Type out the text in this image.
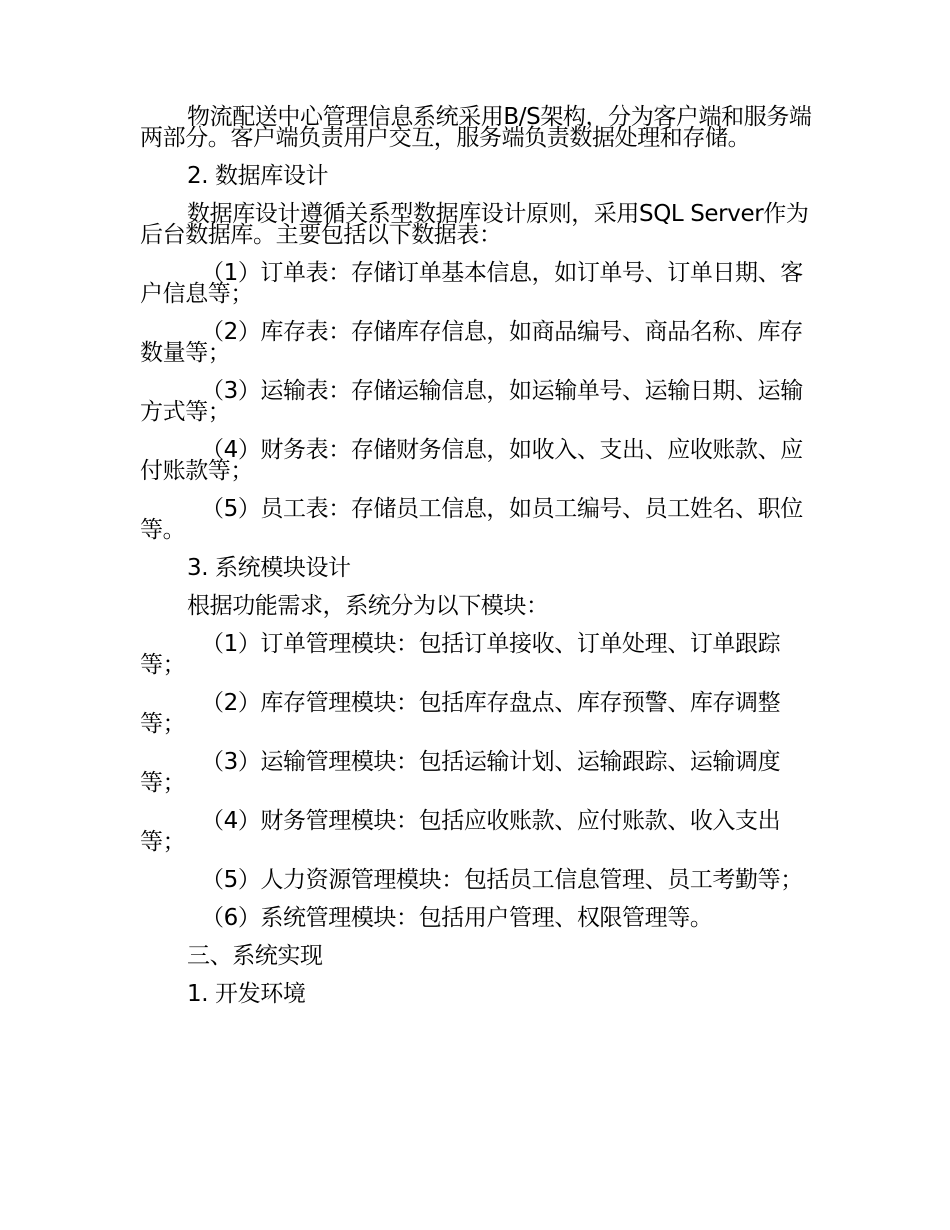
物流配送中心管理信息系统采用B/S架构，分为客户端和服务端两部分。客户端负责用户交互，服务端负责数据处理和存储。

2. 数据库设计

数据库设计遵循关系型数据库设计原则，采用SQL Server作为后台数据库。主要包括以下数据表：

（1）订单表：存储订单基本信息，如订单号、订单日期、客户信息等；

（2）库存表：存储库存信息，如商品编号、商品名称、库存数量等；

（3）运输表：存储运输信息，如运输单号、运输日期、运输方式等；

（4）财务表：存储财务信息，如收入、支出、应收账款、应付账款等；

（5）员工表：存储员工信息，如员工编号、员工姓名、职位等。

3. 系统模块设计

根据功能需求，系统分为以下模块：

（1）订单管理模块：包括订单接收、订单处理、订单跟踪等；

（2）库存管理模块：包括库存盘点、库存预警、库存调整等；

（3）运输管理模块：包括运输计划、运输跟踪、运输调度等；

（4）财务管理模块：包括应收账款、应付账款、收入支出等；

（5）人力资源管理模块：包括员工信息管理、员工考勤等；

（6）系统管理模块：包括用户管理、权限管理等。

三、系统实现

1. 开发环境
